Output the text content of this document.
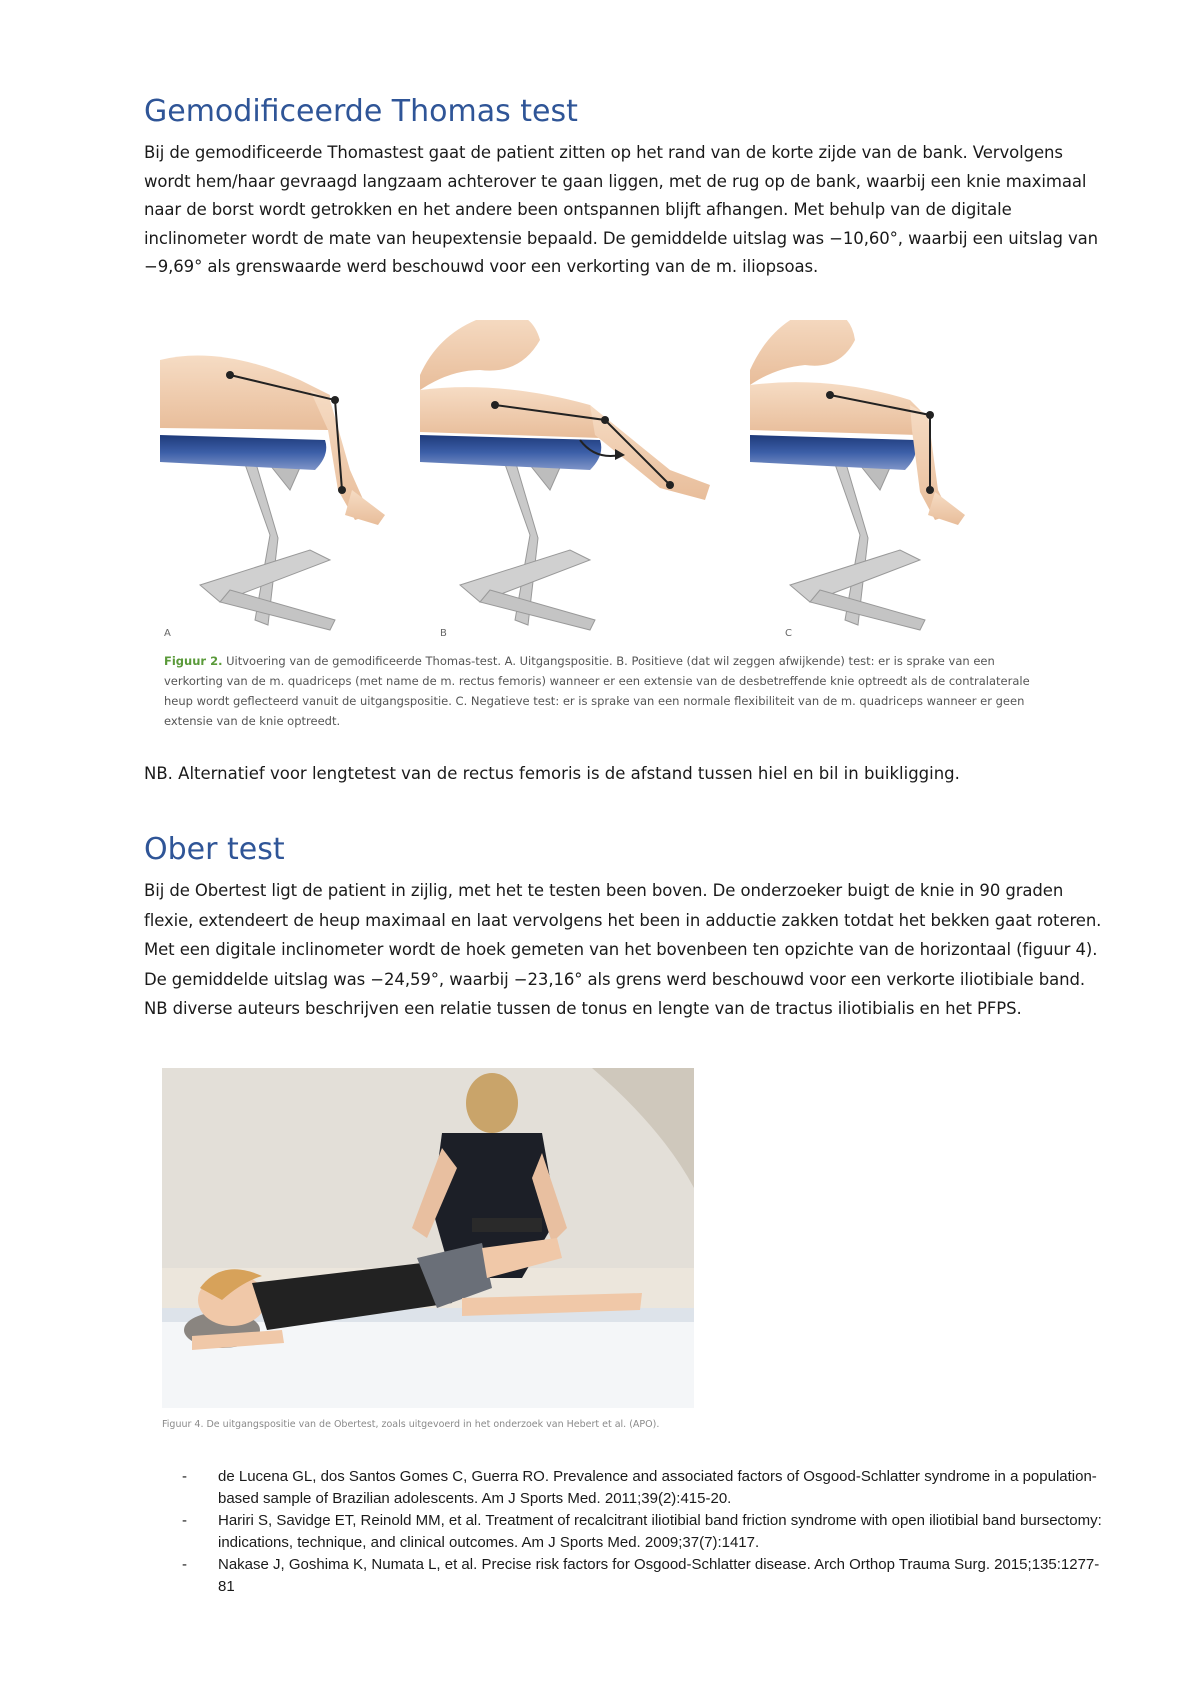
Gemodificeerde Thomas test

Bij de gemodificeerde Thomastest gaat de patient zitten op het rand van de korte zijde van de bank. Vervolgens wordt hem/haar gevraagd langzaam achterover te gaan liggen, met de rug op de bank, waarbij een knie maximaal naar de borst wordt getrokken en het andere been ontspannen blijft afhangen. Met behulp van de digitale inclinometer wordt de mate van heupextensie bepaald. De gemiddelde uitslag was −10,60°, waarbij een uitslag van −9,69° als grenswaarde werd beschouwd voor een verkorting van de m. iliopsoas.

A	B	C

Figuur 2. Uitvoering van de gemodificeerde Thomas-test. A. Uitgangspositie. B. Positieve (dat wil zeggen afwijkende) test: er is sprake van een verkorting van de m. quadriceps (met name de m. rectus femoris) wanneer er een extensie van de desbetreffende knie optreedt als de contralaterale heup wordt geflecteerd vanuit de uitgangspositie. C. Negatieve test: er is sprake van een normale flexibiliteit van de m. quadriceps wanneer er geen extensie van de knie optreedt.

NB. Alternatief voor lengtetest van de rectus femoris is de afstand tussen hiel en bil in buikligging.

Ober test

Bij de Obertest ligt de patient in zijlig, met het te testen been boven. De onderzoeker buigt de knie in 90 graden flexie, extendeert de heup maximaal en laat vervolgens het been in adductie zakken totdat het bekken gaat roteren. Met een digitale inclinometer wordt de hoek gemeten van het bovenbeen ten opzichte van de horizontaal (figuur 4). De gemiddelde uitslag was −24,59°, waarbij −23,16° als grens werd beschouwd voor een verkorte iliotibiale band. NB diverse auteurs beschrijven een relatie tussen de tonus en lengte van de tractus iliotibialis en het PFPS.

Figuur 4. De uitgangspositie van de Obertest, zoals uitgevoerd in het onderzoek van Hebert et al. (APO).

- de Lucena GL, dos Santos Gomes C, Guerra RO. Prevalence and associated factors of Osgood-Schlatter syndrome in a population-based sample of Brazilian adolescents. Am J Sports Med. 2011;39(2):415-20.
- Hariri S, Savidge ET, Reinold MM, et al. Treatment of recalcitrant iliotibial band friction syndrome with open iliotibial band bursectomy: indications, technique, and clinical outcomes. Am J Sports Med. 2009;37(7):1417.
- Nakase J, Goshima K, Numata L, et al. Precise risk factors for Osgood-Schlatter disease. Arch Orthop Trauma Surg. 2015;135:1277-81
